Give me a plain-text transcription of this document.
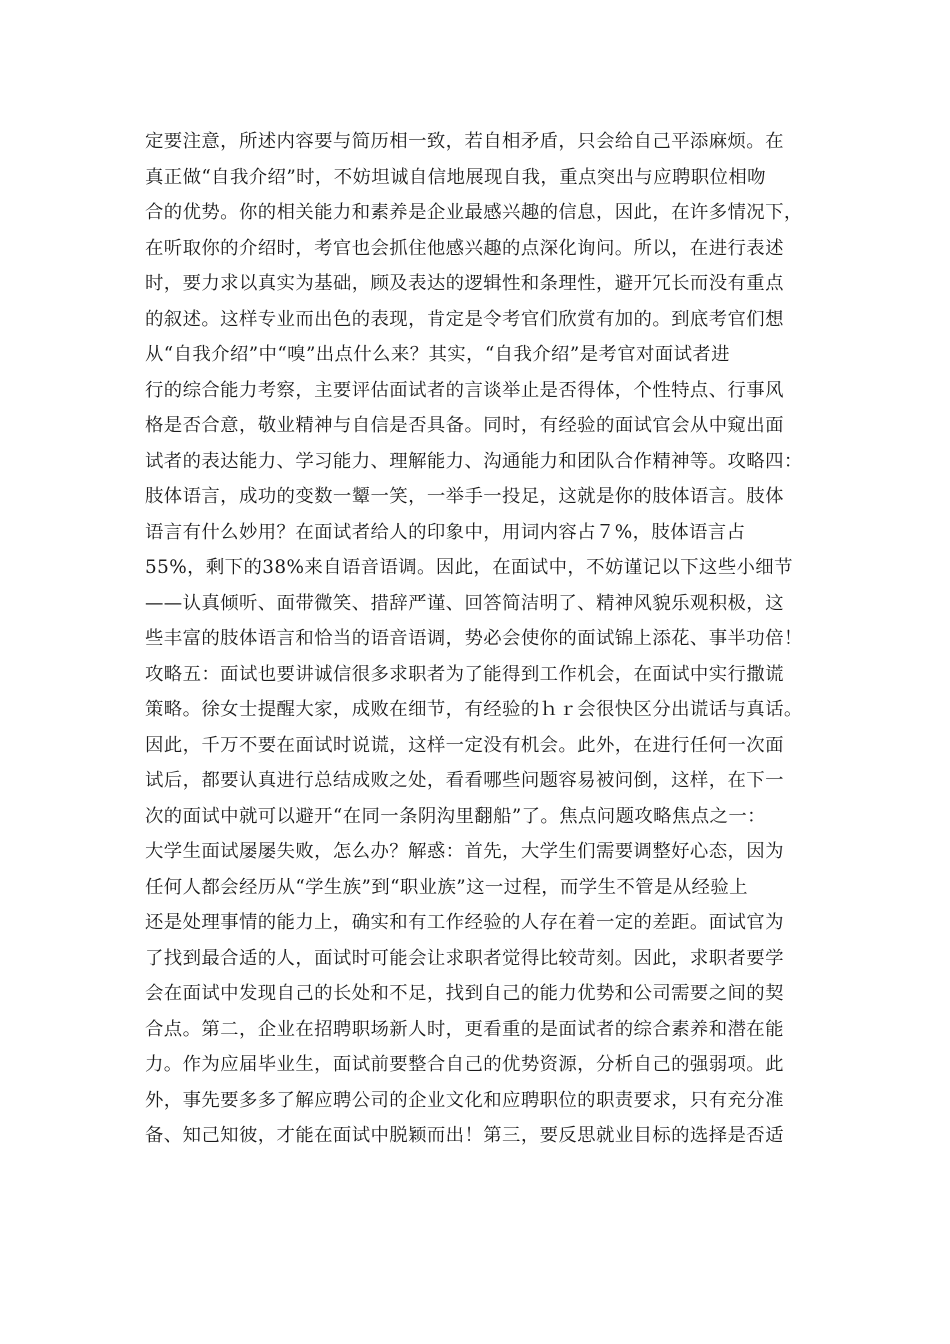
定要注意，所述内容要与简历相一致，若自相矛盾，只会给自己平添麻烦。在
真正做“自我介绍”时，不妨坦诚自信地展现自我，重点突出与应聘职位相吻
合的优势。你的相关能力和素养是企业最感兴趣的信息，因此，在许多情况下，
在听取你的介绍时，考官也会抓住他感兴趣的点深化询问。所以，在进行表述
时，要力求以真实为基础，顾及表达的逻辑性和条理性，避开冗长而没有重点
的叙述。这样专业而出色的表现，肯定是令考官们欣赏有加的。到底考官们想
从“自我介绍”中“嗅”出点什么来？其实，“自我介绍”是考官对面试者进
行的综合能力考察，主要评估面试者的言谈举止是否得体，个性特点、行事风
格是否合意，敬业精神与自信是否具备。同时，有经验的面试官会从中窥出面
试者的表达能力、学习能力、理解能力、沟通能力和团队合作精神等。攻略四：
肢体语言，成功的变数一颦一笑，一举手一投足，这就是你的肢体语言。肢体
语言有什么妙用？在面试者给人的印象中，用词内容占７%，肢体语言占
55%，剩下的38%来自语音语调。因此，在面试中，不妨谨记以下这些小细节
——认真倾听、面带微笑、措辞严谨、回答简洁明了、精神风貌乐观积极，这
些丰富的肢体语言和恰当的语音语调，势必会使你的面试锦上添花、事半功倍！
攻略五：面试也要讲诚信很多求职者为了能得到工作机会，在面试中实行撒谎
策略。徐女士提醒大家，成败在细节，有经验的ｈｒ会很快区分出谎话与真话。
因此，千万不要在面试时说谎，这样一定没有机会。此外，在进行任何一次面
试后，都要认真进行总结成败之处，看看哪些问题容易被问倒，这样，在下一
次的面试中就可以避开“在同一条阴沟里翻船”了。焦点问题攻略焦点之一：
大学生面试屡屡失败，怎么办？解惑：首先，大学生们需要调整好心态，因为
任何人都会经历从“学生族”到“职业族”这一过程，而学生不管是从经验上
还是处理事情的能力上，确实和有工作经验的人存在着一定的差距。面试官为
了找到最合适的人，面试时可能会让求职者觉得比较苛刻。因此，求职者要学
会在面试中发现自己的长处和不足，找到自己的能力优势和公司需要之间的契
合点。第二，企业在招聘职场新人时，更看重的是面试者的综合素养和潜在能
力。作为应届毕业生，面试前要整合自己的优势资源，分析自己的强弱项。此
外，事先要多多了解应聘公司的企业文化和应聘职位的职责要求，只有充分准
备、知己知彼，才能在面试中脱颖而出！第三，要反思就业目标的选择是否适
